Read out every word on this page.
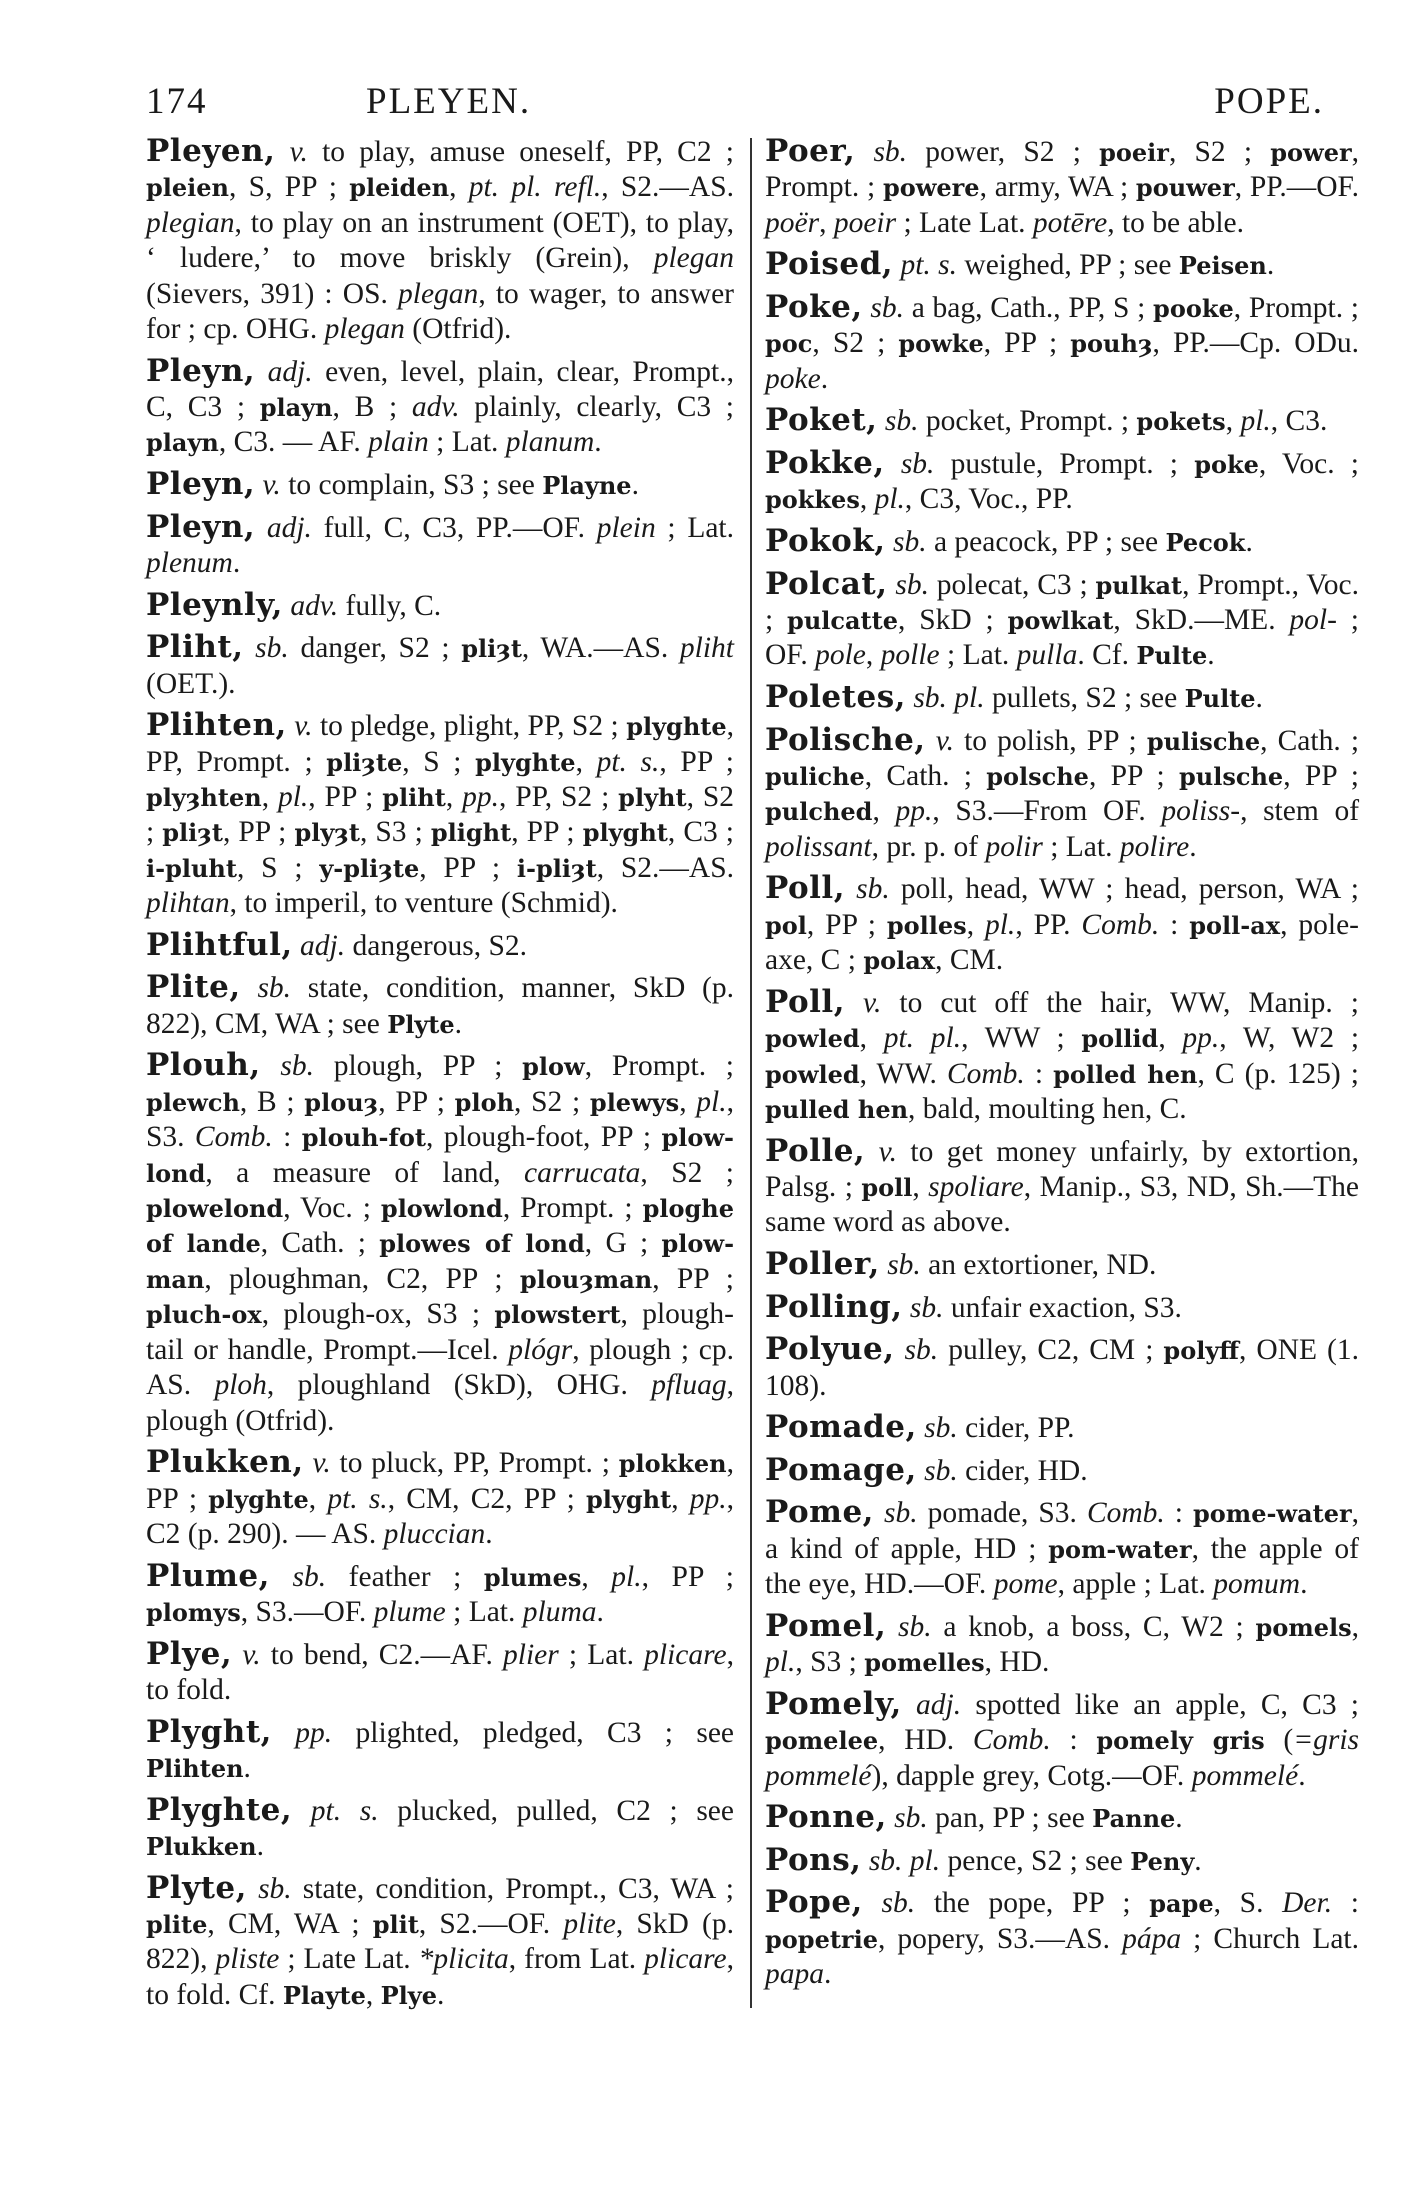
174	PLEYEN.	POPE.

Pleyen, v. to play, amuse oneself, PP, C2 ; pleien, S, PP ; pleiden, pt. pl. refl., S2.—AS. plegian, to play on an instrument (OET), to play, ‘ ludere,’ to move briskly (Grein), plegan (Sievers, 391) : OS. plegan, to wager, to answer for ; cp. OHG. plegan (Otfrid).

Pleyn, adj. even, level, plain, clear, Prompt., C, C3 ; playn, B ; adv. plainly, clearly, C3 ; playn, C3. — AF. plain ; Lat. planum.

Pleyn, v. to complain, S3 ; see Playne.

Pleyn, adj. full, C, C3, PP.—OF. plein ; Lat. plenum.

Pleynly, adv. fully, C.

Pliht, sb. danger, S2 ; pliȝt, WA.—AS. pliht (OET.).

Plihten, v. to pledge, plight, PP, S2 ; plyghte, PP, Prompt. ; pliȝte, S ; plyghte, pt. s., PP ; plyȝhten, pl., PP ; pliht, pp., PP, S2 ; plyht, S2 ; pliȝt, PP ; plyȝt, S3 ; plight, PP ; plyght, C3 ; i-pluht, S ; y-pliȝte, PP ; i-pliȝt, S2.—AS. plihtan, to imperil, to venture (Schmid).

Plihtful, adj. dangerous, S2.

Plite, sb. state, condition, manner, SkD (p. 822), CM, WA ; see Plyte.

Plouh, sb. plough, PP ; plow, Prompt. ; plewch, B ; plouȝ, PP ; ploh, S2 ; plewys, pl., S3. Comb. : plouh-fot, plough-foot, PP ; plow-lond, a measure of land, carrucata, S2 ; plowelond, Voc. ; plowlond, Prompt. ; ploghe of lande, Cath. ; plowes of lond, G ; plow-man, ploughman, C2, PP ; plouȝman, PP ; pluch-ox, plough-ox, S3 ; plowstert, plough-tail or handle, Prompt.—Icel. plógr, plough ; cp. AS. ploh, ploughland (SkD), OHG. pfluag, plough (Otfrid).

Plukken, v. to pluck, PP, Prompt. ; plokken, PP ; plyghte, pt. s., CM, C2, PP ; plyght, pp., C2 (p. 290). — AS. pluccian.

Plume, sb. feather ; plumes, pl., PP ; plomys, S3.—OF. plume ; Lat. pluma.

Plye, v. to bend, C2.—AF. plier ; Lat. plicare, to fold.

Plyght, pp. plighted, pledged, C3 ; see Plihten.

Plyghte, pt. s. plucked, pulled, C2 ; see Plukken.

Plyte, sb. state, condition, Prompt., C3, WA ; plite, CM, WA ; plit, S2.—OF. plite, SkD (p. 822), pliste ; Late Lat. *plicita, from Lat. plicare, to fold. Cf. Playte, Plye.

Poer, sb. power, S2 ; poeir, S2 ; power, Prompt. ; powere, army, WA ; pouwer, PP.—OF. poër, poeir ; Late Lat. potēre, to be able.

Poised, pt. s. weighed, PP ; see Peisen.

Poke, sb. a bag, Cath., PP, S ; pooke, Prompt. ; poc, S2 ; powke, PP ; pouhȝ, PP.—Cp. ODu. poke.

Poket, sb. pocket, Prompt. ; pokets, pl., C3.

Pokke, sb. pustule, Prompt. ; poke, Voc. ; pokkes, pl., C3, Voc., PP.

Pokok, sb. a peacock, PP ; see Pecok.

Polcat, sb. polecat, C3 ; pulkat, Prompt., Voc. ; pulcatte, SkD ; powlkat, SkD.—ME. pol- ; OF. pole, polle ; Lat. pulla. Cf. Pulte.

Poletes, sb. pl. pullets, S2 ; see Pulte.

Polische, v. to polish, PP ; pulische, Cath. ; puliche, Cath. ; polsche, PP ; pulsche, PP ; pulched, pp., S3.—From OF. poliss-, stem of polissant, pr. p. of polir ; Lat. polire.

Poll, sb. poll, head, WW ; head, person, WA ; pol, PP ; polles, pl., PP. Comb. : poll-ax, pole-axe, C ; polax, CM.

Poll, v. to cut off the hair, WW, Manip. ; powled, pt. pl., WW ; pollid, pp., W, W2 ; powled, WW. Comb. : polled hen, C (p. 125) ; pulled hen, bald, moulting hen, C.

Polle, v. to get money unfairly, by extortion, Palsg. ; poll, spoliare, Manip., S3, ND, Sh.—The same word as above.

Poller, sb. an extortioner, ND.

Polling, sb. unfair exaction, S3.

Polyue, sb. pulley, C2, CM ; polyff, ONE (1. 108).

Pomade, sb. cider, PP.

Pomage, sb. cider, HD.

Pome, sb. pomade, S3. Comb. : pome-water, a kind of apple, HD ; pom-water, the apple of the eye, HD.—OF. pome, apple ; Lat. pomum.

Pomel, sb. a knob, a boss, C, W2 ; pomels, pl., S3 ; pomelles, HD.

Pomely, adj. spotted like an apple, C, C3 ; pomelee, HD. Comb. : pomely gris (=gris pommelé), dapple grey, Cotg.—OF. pommelé.

Ponne, sb. pan, PP ; see Panne.

Pons, sb. pl. pence, S2 ; see Peny.

Pope, sb. the pope, PP ; pape, S. Der. : popetrie, popery, S3.—AS. pápa ; Church Lat. papa.
